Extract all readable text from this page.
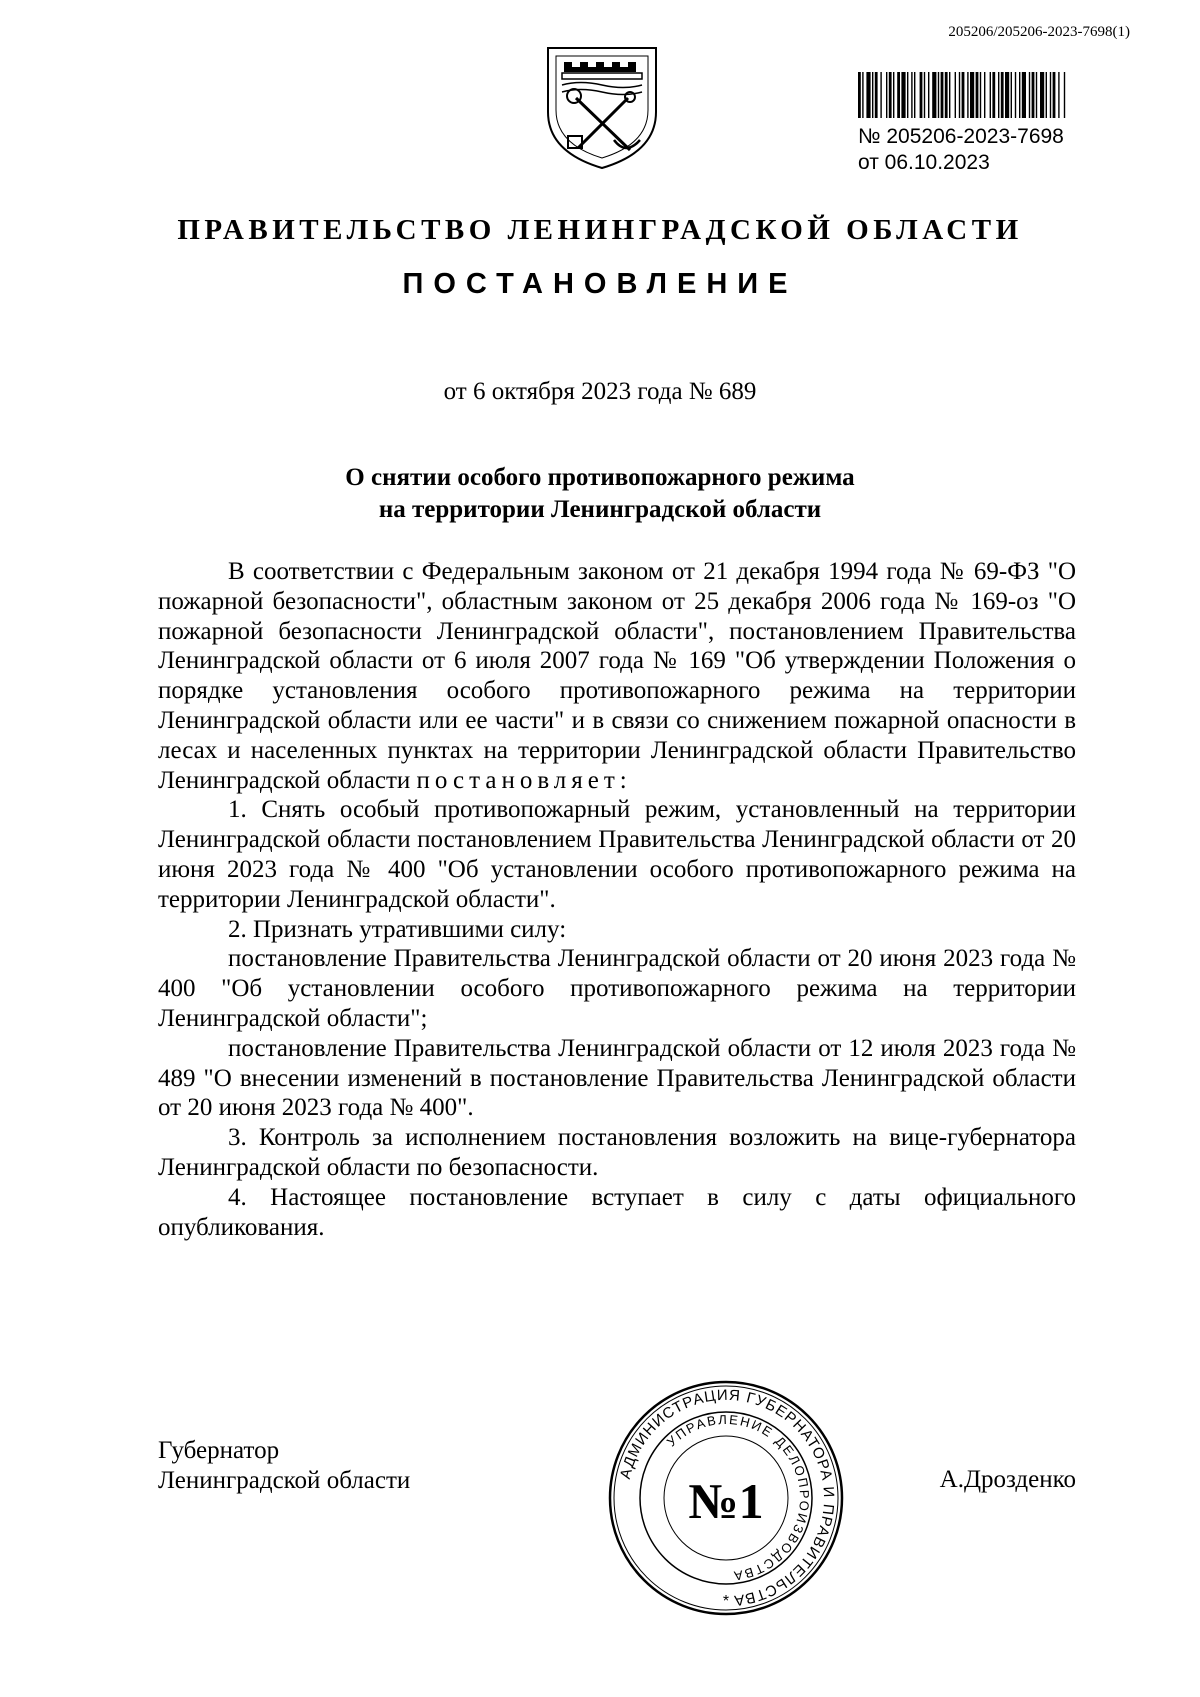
205206/205206-2023-7698(1)
№ 205206-2023-7698
от 06.10.2023
ПРАВИТЕЛЬСТВО ЛЕНИНГРАДСКОЙ ОБЛАСТИ
ПОСТАНОВЛЕНИЕ
от 6 октября 2023 года № 689
О снятии особого противопожарного режима
на территории Ленинградской области

В соответствии с Федеральным законом от 21 декабря 1994 года № 69-ФЗ "О пожарной безопасности", областным законом от 25 декабря 2006 года № 169-оз "О пожарной безопасности Ленинградской области", постановлением Правительства Ленинградской области от 6 июля 2007 года № 169 "Об утверждении Положения о порядке установления особого противопожарного режима на территории Ленинградской области или ее части" и в связи со снижением пожарной опасности в лесах и населенных пунктах на территории Ленинградской области Правительство Ленинградской области постановляет:

1. Снять особый противопожарный режим, установленный на территории Ленинградской области постановлением Правительства Ленинградской области от 20 июня 2023 года № 400 "Об установлении особого противопожарного режима на территории Ленинградской области".

2. Признать утратившими силу:

постановление Правительства Ленинградской области от 20 июня 2023 года № 400 "Об установлении особого противопожарного режима на территории Ленинградской области";

постановление Правительства Ленинградской области от 12 июля 2023 года № 489 "О внесении изменений в постановление Правительства Ленинградской области от 20 июня 2023 года № 400".

3. Контроль за исполнением постановления возложить на вице-губернатора Ленинградской области по безопасности.

4. Настоящее постановление вступает в силу с даты официального опубликования.

Губернатор
Ленинградской области	А.Дрозденко
АДМИНИСТРАЦИЯ ГУБЕРНАТОРА И ПРАВИТЕЛЬСТВА
УПРАВЛЕНИЕ ДЕЛОПРОИЗВОДСТВА
№1
*
